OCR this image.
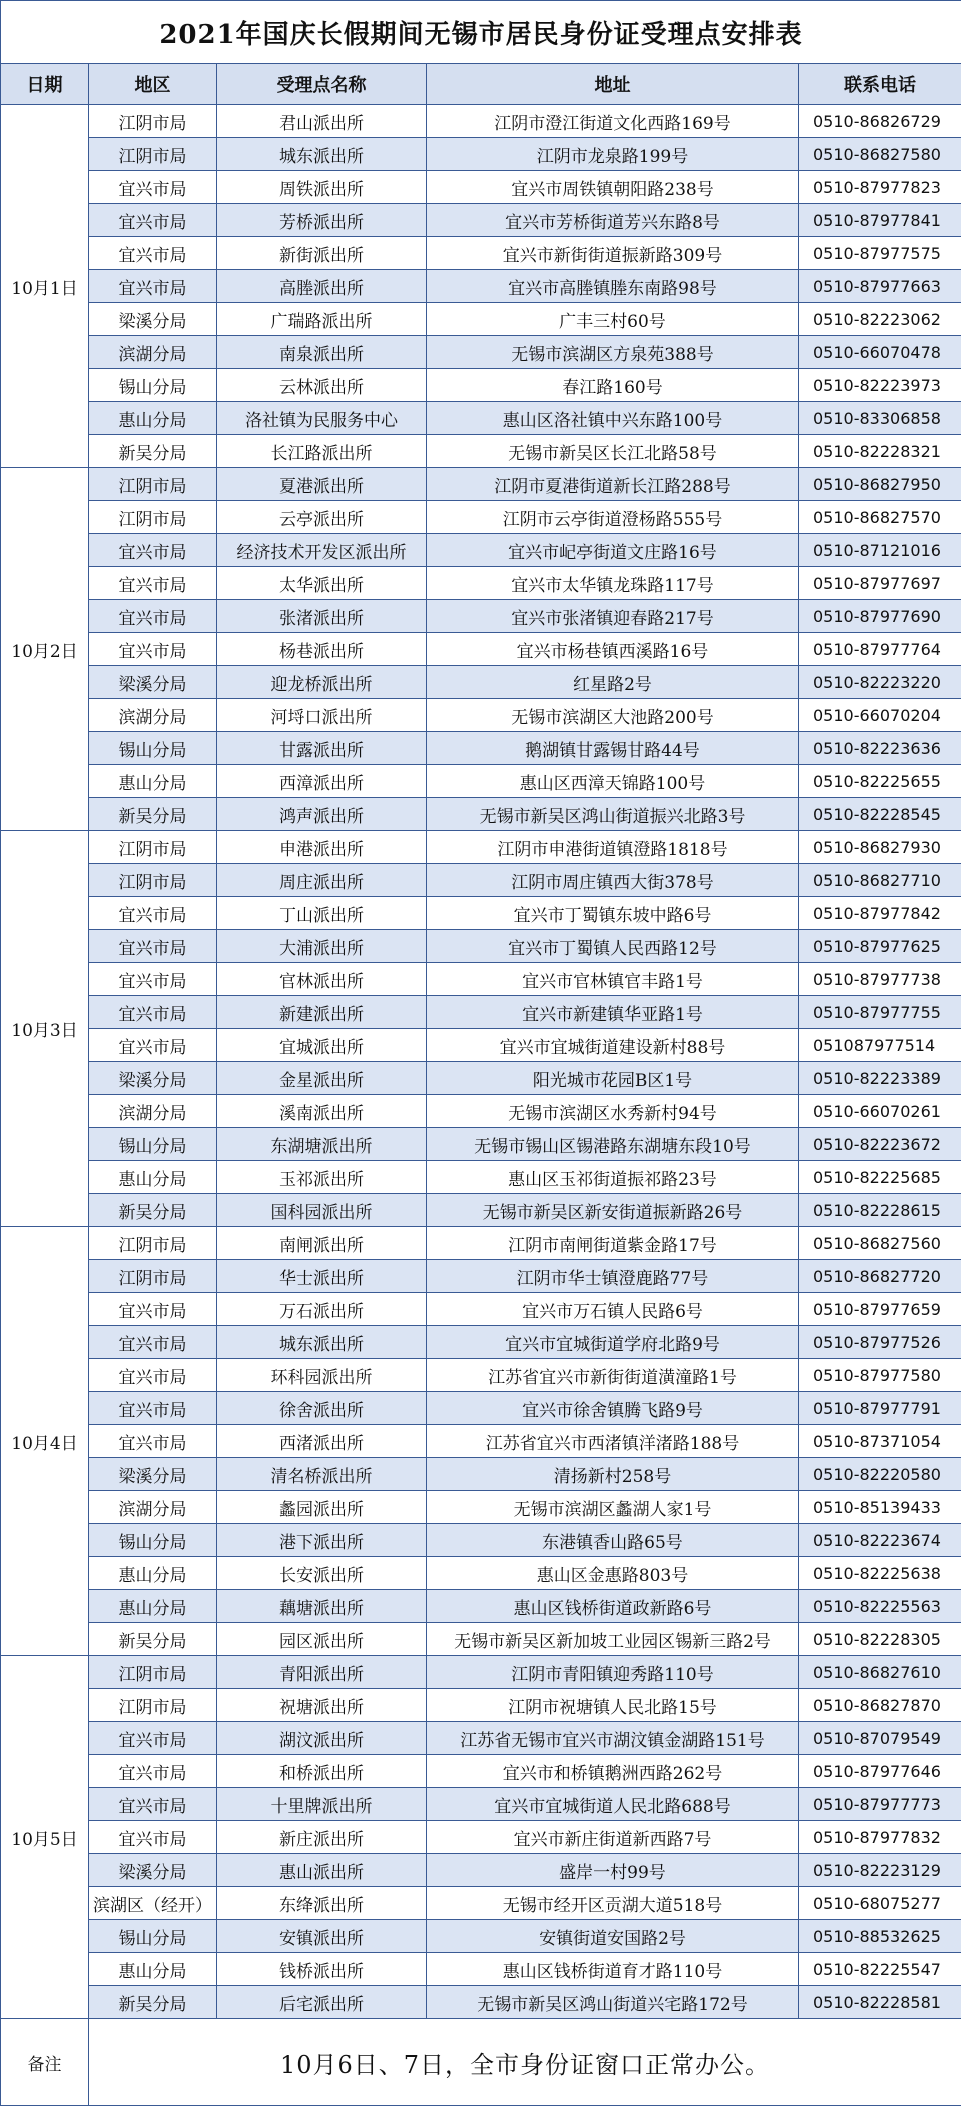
2021年国庆长假期间无锡市居民身份证受理点安排表				
日期	地区	受理点名称	地址	联系电话
10月1日	江阴市局	君山派出所	江阴市澄江街道文化西路169号	0510-86826729
	江阴市局	城东派出所	江阴市龙泉路199号	0510-86827580
	宜兴市局	周铁派出所	宜兴市周铁镇朝阳路238号	0510-87977823
	宜兴市局	芳桥派出所	宜兴市芳桥街道芳兴东路8号	0510-87977841
	宜兴市局	新街派出所	宜兴市新街街道振新路309号	0510-87977575
	宜兴市局	高塍派出所	宜兴市高塍镇塍东南路98号	0510-87977663
	梁溪分局	广瑞路派出所	广丰三村60号	0510-82223062
	滨湖分局	南泉派出所	无锡市滨湖区方泉苑388号	0510-66070478
	锡山分局	云林派出所	春江路160号	0510-82223973
	惠山分局	洛社镇为民服务中心	惠山区洛社镇中兴东路100号	0510-83306858
	新吴分局	长江路派出所	无锡市新吴区长江北路58号	0510-82228321
10月2日	江阴市局	夏港派出所	江阴市夏港街道新长江路288号	0510-86827950
	江阴市局	云亭派出所	江阴市云亭街道澄杨路555号	0510-86827570
	宜兴市局	经济技术开发区派出所	宜兴市屺亭街道文庄路16号	0510-87121016
	宜兴市局	太华派出所	宜兴市太华镇龙珠路117号	0510-87977697
	宜兴市局	张渚派出所	宜兴市张渚镇迎春路217号	0510-87977690
	宜兴市局	杨巷派出所	宜兴市杨巷镇西溪路16号	0510-87977764
	梁溪分局	迎龙桥派出所	红星路2号	0510-82223220
	滨湖分局	河埒口派出所	无锡市滨湖区大池路200号	0510-66070204
	锡山分局	甘露派出所	鹅湖镇甘露锡甘路44号	0510-82223636
	惠山分局	西漳派出所	惠山区西漳天锦路100号	0510-82225655
	新吴分局	鸿声派出所	无锡市新吴区鸿山街道振兴北路3号	0510-82228545
10月3日	江阴市局	申港派出所	江阴市申港街道镇澄路1818号	0510-86827930
	江阴市局	周庄派出所	江阴市周庄镇西大街378号	0510-86827710
	宜兴市局	丁山派出所	宜兴市丁蜀镇东坡中路6号	0510-87977842
	宜兴市局	大浦派出所	宜兴市丁蜀镇人民西路12号	0510-87977625
	宜兴市局	官林派出所	宜兴市官林镇官丰路1号	0510-87977738
	宜兴市局	新建派出所	宜兴市新建镇华亚路1号	0510-87977755
	宜兴市局	宜城派出所	宜兴市宜城街道建设新村88号	051087977514
	梁溪分局	金星派出所	阳光城市花园B区1号	0510-82223389
	滨湖分局	溪南派出所	无锡市滨湖区水秀新村94号	0510-66070261
	锡山分局	东湖塘派出所	无锡市锡山区锡港路东湖塘东段10号	0510-82223672
	惠山分局	玉祁派出所	惠山区玉祁街道振祁路23号	0510-82225685
	新吴分局	国科园派出所	无锡市新吴区新安街道振新路26号	0510-82228615
10月4日	江阴市局	南闸派出所	江阴市南闸街道紫金路17号	0510-86827560
	江阴市局	华士派出所	江阴市华士镇澄鹿路77号	0510-86827720
	宜兴市局	万石派出所	宜兴市万石镇人民路6号	0510-87977659
	宜兴市局	城东派出所	宜兴市宜城街道学府北路9号	0510-87977526
	宜兴市局	环科园派出所	江苏省宜兴市新街街道潢潼路1号	0510-87977580
	宜兴市局	徐舍派出所	宜兴市徐舍镇腾飞路9号	0510-87977791
	宜兴市局	西渚派出所	江苏省宜兴市西渚镇洋渚路188号	0510-87371054
	梁溪分局	清名桥派出所	清扬新村258号	0510-82220580
	滨湖分局	蠡园派出所	无锡市滨湖区蠡湖人家1号	0510-85139433
	锡山分局	港下派出所	东港镇香山路65号	0510-82223674
	惠山分局	长安派出所	惠山区金惠路803号	0510-82225638
	惠山分局	藕塘派出所	惠山区钱桥街道政新路6号	0510-82225563
	新吴分局	园区派出所	无锡市新吴区新加坡工业园区锡新三路2号	0510-82228305
10月5日	江阴市局	青阳派出所	江阴市青阳镇迎秀路110号	0510-86827610
	江阴市局	祝塘派出所	江阴市祝塘镇人民北路15号	0510-86827870
	宜兴市局	湖汶派出所	江苏省无锡市宜兴市湖汶镇金湖路151号	0510-87079549
	宜兴市局	和桥派出所	宜兴市和桥镇鹅洲西路262号	0510-87977646
	宜兴市局	十里牌派出所	宜兴市宜城街道人民北路688号	0510-87977773
	宜兴市局	新庄派出所	宜兴市新庄街道新西路7号	0510-87977832
	梁溪分局	惠山派出所	盛岸一村99号	0510-82223129
	滨湖区（经开）	东绛派出所	无锡市经开区贡湖大道518号	0510-68075277
	锡山分局	安镇派出所	安镇街道安国路2号	0510-88532625
	惠山分局	钱桥派出所	惠山区钱桥街道育才路110号	0510-82225547
	新吴分局	后宅派出所	无锡市新吴区鸿山街道兴宅路172号	0510-82228581
备注	10月6日、7日，全市身份证窗口正常办公。			
